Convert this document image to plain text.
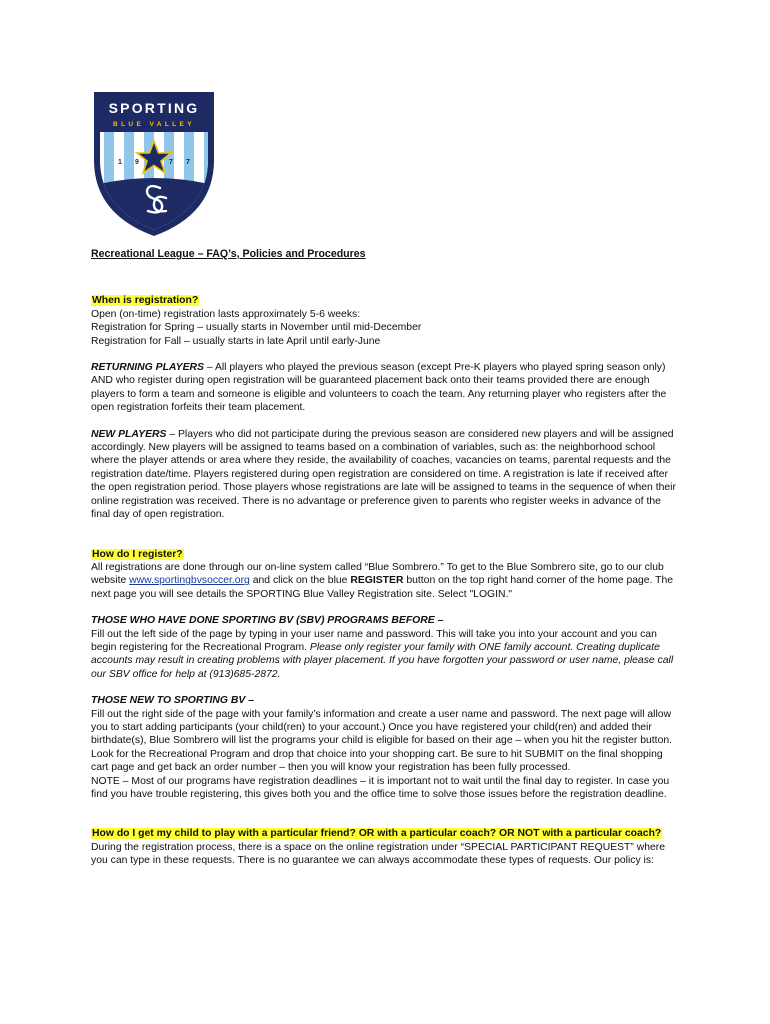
SPORTING
BLUE VALLEY
1 9	7 7

Recreational League – FAQ’s, Policies and Procedures

When is registration?

Open (on-time) registration lasts approximately 5-6 weeks:

Registration for Spring – usually starts in November until mid-December

Registration for Fall – usually starts in late April until early-June

RETURNING PLAYERS – All players who played the previous season (except Pre-K players who played spring season only) AND who register during open registration will be guaranteed placement back onto their teams provided there are enough players to form a team and someone is eligible and volunteers to coach the team. Any returning player who registers after the open registration forfeits their team placement.

NEW PLAYERS – Players who did not participate during the previous season are considered new players and will be assigned accordingly. New players will be assigned to teams based on a combination of variables, such as: the neighborhood school where the player attends or area where they reside, the availability of coaches, vacancies on teams, parental requests and the registration date/time. Players registered during open registration are considered on time. A registration is late if received after the open registration period. Those players whose registrations are late will be assigned to teams in the sequence of when their online registration was received. There is no advantage or preference given to parents who register weeks in advance of the final day of open registration.

How do I register?

All registrations are done through our on-line system called “Blue Sombrero.” To get to the Blue Sombrero site, go to our club website www.sportingbvsoccer.org and click on the blue REGISTER button on the top right hand corner of the home page. The next page you will see details the SPORTING Blue Valley Registration site. Select "LOGIN."

THOSE WHO HAVE DONE SPORTING BV (SBV) PROGRAMS BEFORE –

Fill out the left side of the page by typing in your user name and password. This will take you into your account and you can begin registering for the Recreational Program. Please only register your family with ONE family account. Creating duplicate accounts may result in creating problems with player placement. If you have forgotten your password or user name, please call our SBV office for help at (913)685-2872.

THOSE NEW TO SPORTING BV –

Fill out the right side of the page with your family’s information and create a user name and password. The next page will allow you to start adding participants (your child(ren) to your account.) Once you have registered your child(ren) and added their birthdate(s), Blue Sombrero will list the programs your child is eligible for based on their age – when you hit the register button. Look for the Recreational Program and drop that choice into your shopping cart. Be sure to hit SUBMIT on the final shopping cart page and get back an order number – then you will know your registration has been fully processed.

NOTE – Most of our programs have registration deadlines – it is important not to wait until the final day to register. In case you find you have trouble registering, this gives both you and the office time to solve those issues before the registration deadline.

How do I get my child to play with a particular friend? OR with a particular coach? OR NOT with a particular coach?

During the registration process, there is a space on the online registration under “SPECIAL PARTICIPANT REQUEST” where you can type in these requests. There is no guarantee we can always accommodate these types of requests. Our policy is:
